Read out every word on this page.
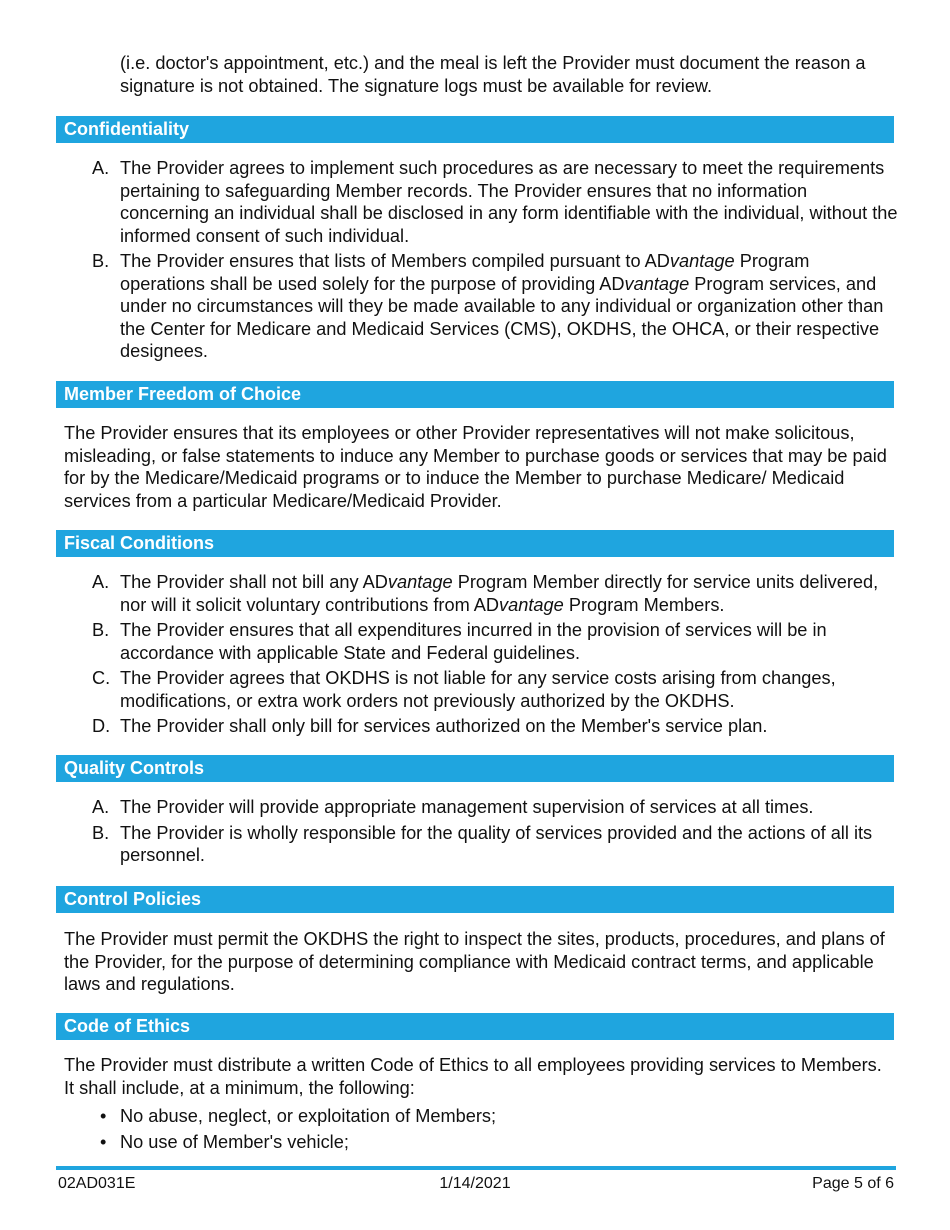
(i.e. doctor's appointment, etc.) and the meal is left the Provider must document the reason a signature is not obtained. The signature logs must be available for review.

Confidentiality
A. The Provider agrees to implement such procedures as are necessary to meet the requirements pertaining to safeguarding Member records. The Provider ensures that no information concerning an individual shall be disclosed in any form identifiable with the individual, without the informed consent of such individual.
B. The Provider ensures that lists of Members compiled pursuant to ADvantage Program operations shall be used solely for the purpose of providing ADvantage Program services, and under no circumstances will they be made available to any individual or organization other than the Center for Medicare and Medicaid Services (CMS), OKDHS, the OHCA, or their respective designees.
Member Freedom of Choice

The Provider ensures that its employees or other Provider representatives will not make solicitous, misleading, or false statements to induce any Member to purchase goods or services that may be paid for by the Medicare/Medicaid programs or to induce the Member to purchase Medicare/ Medicaid services from a particular Medicare/Medicaid Provider.

Fiscal Conditions
A. The Provider shall not bill any ADvantage Program Member directly for service units delivered, nor will it solicit voluntary contributions from ADvantage Program Members.
B. The Provider ensures that all expenditures incurred in the provision of services will be in accordance with applicable State and Federal guidelines.
C. The Provider agrees that OKDHS is not liable for any service costs arising from changes, modifications, or extra work orders not previously authorized by the OKDHS.
D. The Provider shall only bill for services authorized on the Member's service plan.
Quality Controls
A. The Provider will provide appropriate management supervision of services at all times.
B. The Provider is wholly responsible for the quality of services provided and the actions of all its personnel.
Control Policies

The Provider must permit the OKDHS the right to inspect the sites, products, procedures, and plans of the Provider, for the purpose of determining compliance with Medicaid contract terms, and applicable laws and regulations.

Code of Ethics

The Provider must distribute a written Code of Ethics to all employees providing services to Members. It shall include, at a minimum, the following:

• No abuse, neglect, or exploitation of Members;
• No use of Member's vehicle;
02AD031E	1/14/2021	Page 5 of 6
